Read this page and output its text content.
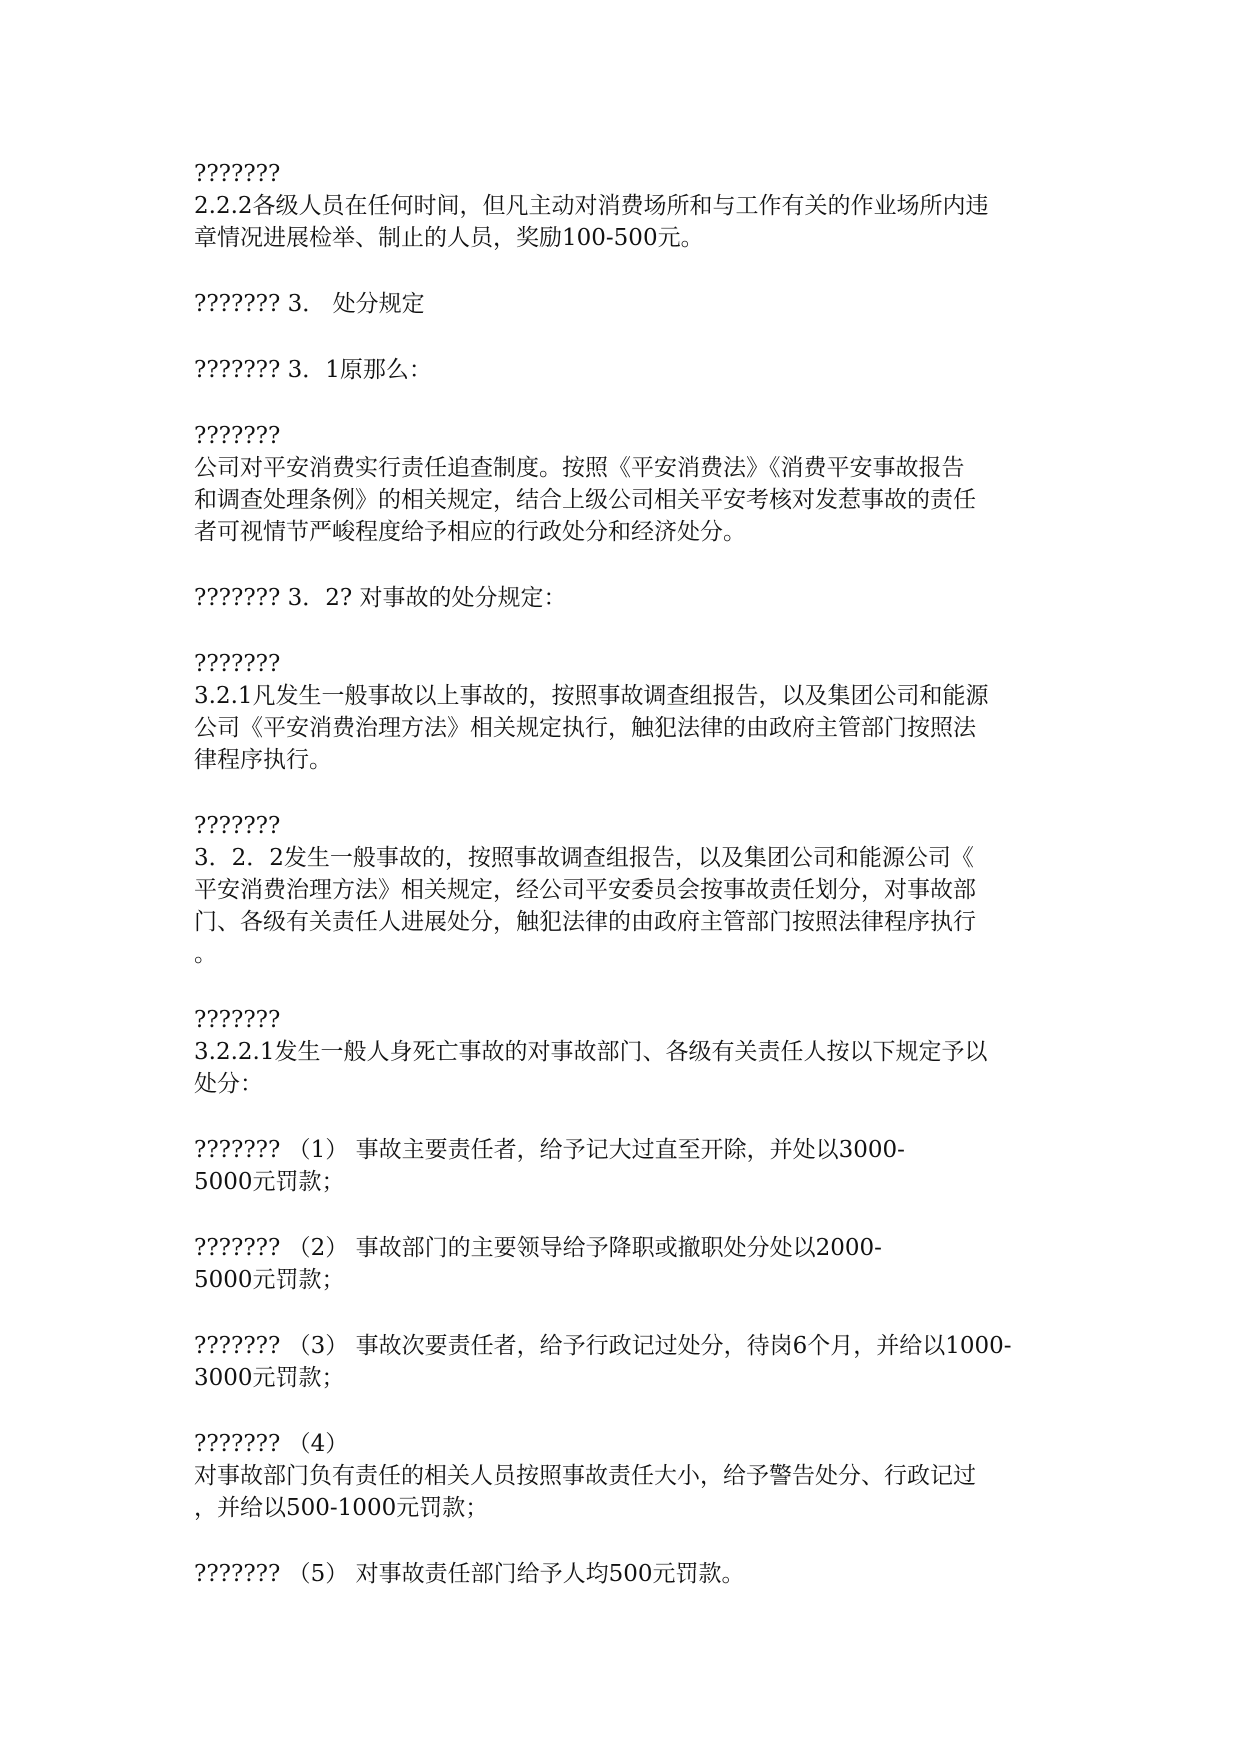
???????
2.2.2各级人员在任何时间，但凡主动对消费场所和与工作有关的作业场所内违
章情况进展检举、制止的人员，奖励100-500元。
??????? 3． 处分规定
??????? 3．1原那么：
???????
公司对平安消费实行责任追查制度。按照《平安消费法》《消费平安事故报告
和调查处理条例》的相关规定，结合上级公司相关平安考核对发惹事故的责任
者可视情节严峻程度给予相应的行政处分和经济处分。
??????? 3．2? 对事故的处分规定：
???????
3.2.1凡发生一般事故以上事故的，按照事故调查组报告，以及集团公司和能源
公司《平安消费治理方法》相关规定执行，触犯法律的由政府主管部门按照法
律程序执行。
???????
3．2．2发生一般事故的，按照事故调查组报告，以及集团公司和能源公司《
平安消费治理方法》相关规定，经公司平安委员会按事故责任划分，对事故部
门、各级有关责任人进展处分，触犯法律的由政府主管部门按照法律程序执行
。
???????
3.2.2.1发生一般人身死亡事故的对事故部门、各级有关责任人按以下规定予以
处分：
??????? （1） 事故主要责任者，给予记大过直至开除，并处以3000-
5000元罚款；
??????? （2） 事故部门的主要领导给予降职或撤职处分处以2000-
5000元罚款；
??????? （3） 事故次要责任者，给予行政记过处分，待岗6个月，并给以1000-
3000元罚款；
??????? （4）
对事故部门负有责任的相关人员按照事故责任大小，给予警告处分、行政记过
，并给以500-1000元罚款；
??????? （5） 对事故责任部门给予人均500元罚款。
